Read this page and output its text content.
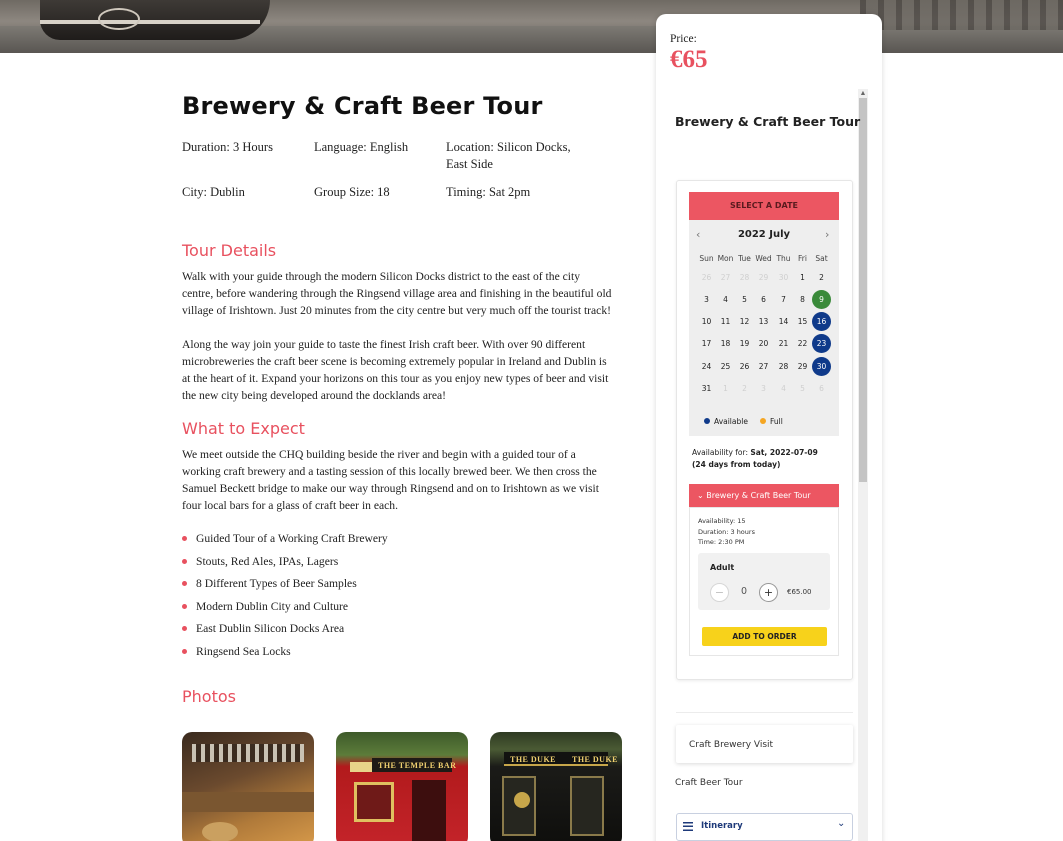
Brewery & Craft Beer Tour
Duration: 3 Hours	Language: English	Location: Silicon Docks,
East Side
City: Dublin	Group Size: 18	Timing: Sat 2pm
Tour Details

Walk with your guide through the modern Silicon Docks district to the east of the city centre, before wandering through the Ringsend village area and finishing in the beautiful old village of Irishtown. Just 20 minutes from the city centre but very much off the tourist track!

Along the way join your guide to taste the finest Irish craft beer. With over 90 different microbreweries the craft beer scene is becoming extremely popular in Ireland and Dublin is at the heart of it. Expand your horizons on this tour as you enjoy new types of beer and visit the new city being developed around the docklands area!

What to Expect

We meet outside the CHQ building beside the river and begin with a guided tour of a working craft brewery and a tasting session of this locally brewed beer. We then cross the Samuel Beckett bridge to make our way through Ringsend and on to Irishtown as we visit four local bars for a glass of craft beer in each.

Guided Tour of a Working Craft Brewery
Stouts, Red Ales, IPAs, Lagers
8 Different Types of Beer Samples
Modern Dublin City and Culture
East Dublin Silicon Docks Area
Ringsend Sea Locks
Photos
THE TEMPLE BAR
THE DUKE THE DUKE
Price:
€65
▲
Brewery & Craft Beer Tour
SELECT A DATE
‹	2022 July	›
Sun Mon Tue Wed Thu Fri	Sat
26	27	28	29	30	1	2
3	4	5	6	7	8	9
10	11	12	13	14	15	16
17	18	19	20	21	22	23
24	25	26	27	28	29	30
31	1	2	3	4	5	6
Available	Full
Availability for: Sat, 2022-07-09
(24 days from today)
⌄ Brewery & Craft Beer Tour
Availability: 15
Duration: 3 hours
Time: 2:30 PM
Adult
−	0	+	€65.00
ADD TO ORDER
Craft Brewery Visit
Craft Beer Tour
Itinerary	⌄
